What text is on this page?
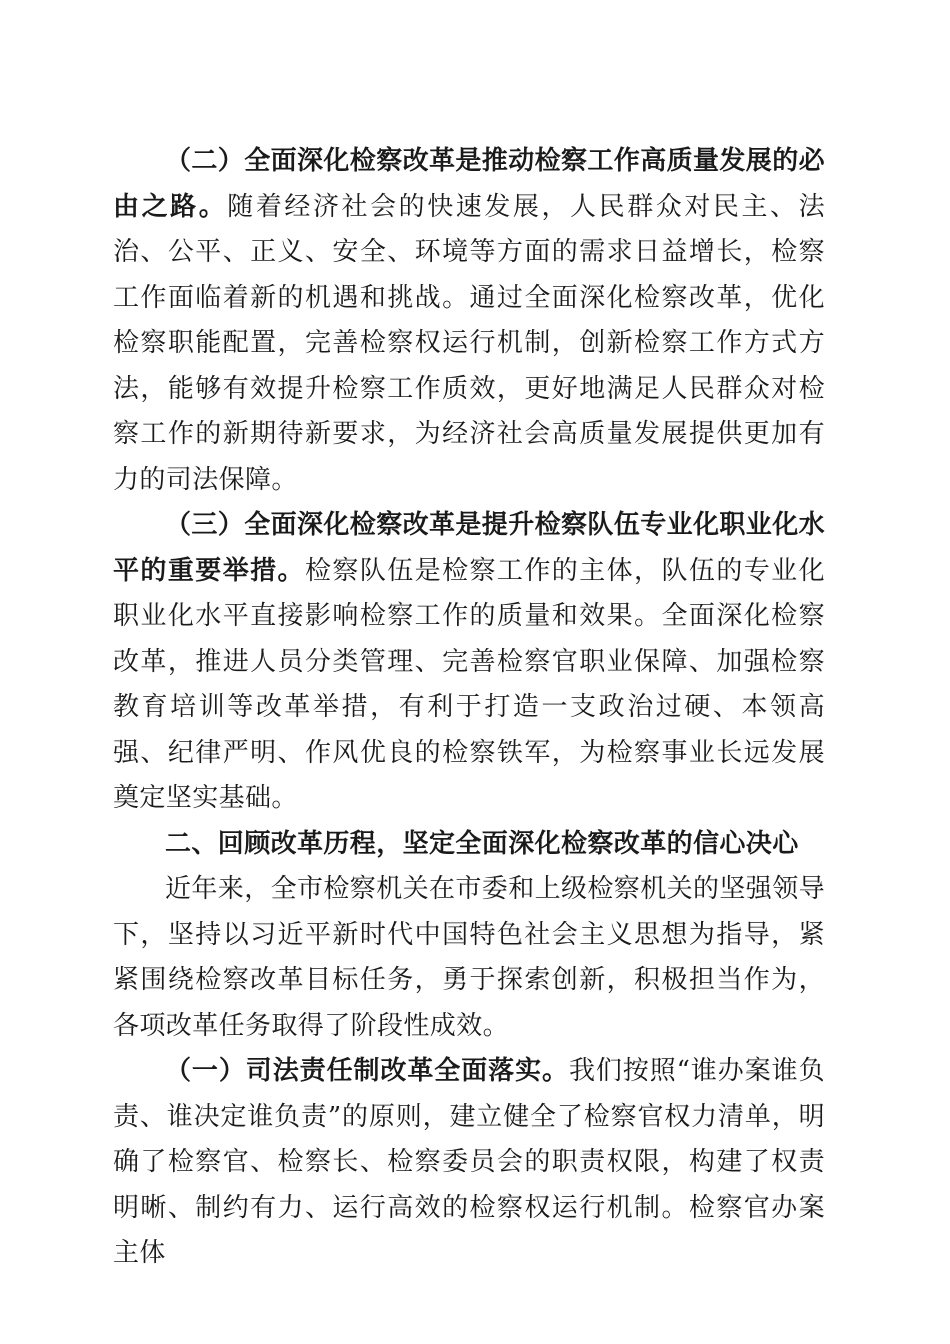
（二）全面深化检察改革是推动检察工作高质量发展的必由之路。随着经济社会的快速发展，人民群众对民主、法治、公平、正义、安全、环境等方面的需求日益增长，检察工作面临着新的机遇和挑战。通过全面深化检察改革，优化检察职能配置，完善检察权运行机制，创新检察工作方式方法，能够有效提升检察工作质效，更好地满足人民群众对检察工作的新期待新要求，为经济社会高质量发展提供更加有力的司法保障。

（三）全面深化检察改革是提升检察队伍专业化职业化水平的重要举措。检察队伍是检察工作的主体，队伍的专业化职业化水平直接影响检察工作的质量和效果。全面深化检察改革，推进人员分类管理、完善检察官职业保障、加强检察教育培训等改革举措，有利于打造一支政治过硬、本领高强、纪律严明、作风优良的检察铁军，为检察事业长远发展奠定坚实基础。

二、回顾改革历程，坚定全面深化检察改革的信心决心

近年来，全市检察机关在市委和上级检察机关的坚强领导下，坚持以习近平新时代中国特色社会主义思想为指导，紧紧围绕检察改革目标任务，勇于探索创新，积极担当作为，各项改革任务取得了阶段性成效。

（一）司法责任制改革全面落实。我们按照“谁办案谁负责、谁决定谁负责”的原则，建立健全了检察官权力清单，明确了检察官、检察长、检察委员会的职责权限，构建了权责明晰、制约有力、运行高效的检察权运行机制。检察官办案主体
